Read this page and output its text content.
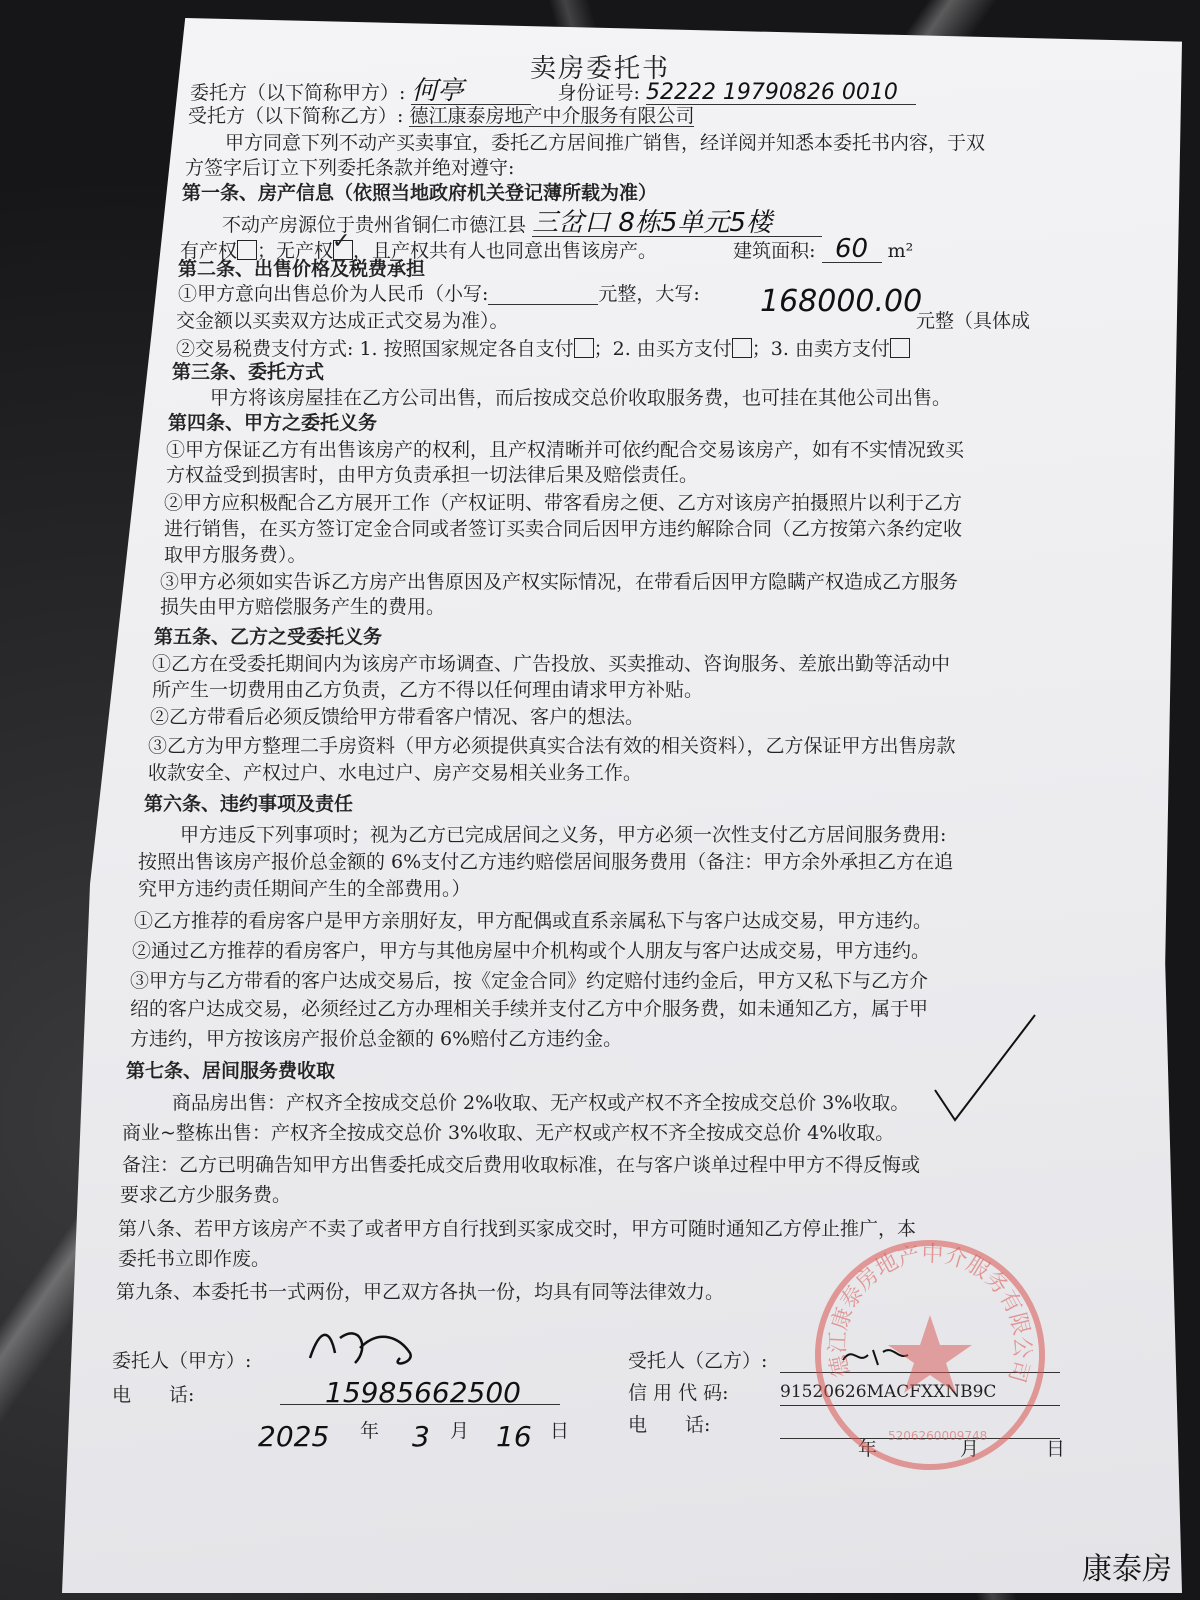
卖房委托书
委托方（以下简称甲方）: 何亭	身份证号: 52222 19790826 0010
受托方（以下简称乙方）: 德江康泰房地产中介服务有限公司
甲方同意下列不动产买卖事宜，委托乙方居间推广销售，经详阅并知悉本委托书内容，于双
方签字后订立下列委托条款并绝对遵守:
第一条、房产信息（依照当地政府机关登记薄所载为准）
不动产房源位于贵州省铜仁市德江县 三岔口 8栋5单元5楼
有产权 ；无产权 ✓ ，且产权共有人也同意出售该房产。	建筑面积: 60 m²
第二条、出售价格及税费承担
①甲方意向出售总价为人民币（小写:	元整，大写: 168000.00
交金额以买卖双方达成正式交易为准）。	元整（具体成
②交易税费支付方式: 1. 按照国家规定各自支付 ；2. 由买方支付 ；3. 由卖方支付
第三条、委托方式
甲方将该房屋挂在乙方公司出售，而后按成交总价收取服务费，也可挂在其他公司出售。
第四条、甲方之委托义务
①甲方保证乙方有出售该房产的权利，且产权清晰并可依约配合交易该房产，如有不实情况致买
方权益受到损害时，由甲方负责承担一切法律后果及赔偿责任。
②甲方应积极配合乙方展开工作（产权证明、带客看房之便、乙方对该房产拍摄照片以利于乙方
进行销售，在买方签订定金合同或者签订买卖合同后因甲方违约解除合同（乙方按第六条约定收
取甲方服务费）。
③甲方必须如实告诉乙方房产出售原因及产权实际情况，在带看后因甲方隐瞒产权造成乙方服务
损失由甲方赔偿服务产生的费用。
第五条、乙方之受委托义务
①乙方在受委托期间内为该房产市场调查、广告投放、买卖推动、咨询服务、差旅出勤等活动中
所产生一切费用由乙方负责，乙方不得以任何理由请求甲方补贴。
②乙方带看后必须反馈给甲方带看客户情况、客户的想法。
③乙方为甲方整理二手房资料（甲方必须提供真实合法有效的相关资料），乙方保证甲方出售房款
收款安全、产权过户、水电过户、房产交易相关业务工作。
第六条、违约事项及责任
甲方违反下列事项时；视为乙方已完成居间之义务，甲方必须一次性支付乙方居间服务费用:
按照出售该房产报价总金额的 6%支付乙方违约赔偿居间服务费用（备注：甲方余外承担乙方在追
究甲方违约责任期间产生的全部费用。）
①乙方推荐的看房客户是甲方亲朋好友，甲方配偶或直系亲属私下与客户达成交易，甲方违约。
②通过乙方推荐的看房客户，甲方与其他房屋中介机构或个人朋友与客户达成交易，甲方违约。
③甲方与乙方带看的客户达成交易后，按《定金合同》约定赔付违约金后，甲方又私下与乙方介
绍的客户达成交易，必须经过乙方办理相关手续并支付乙方中介服务费，如未通知乙方，属于甲
方违约，甲方按该房产报价总金额的 6%赔付乙方违约金。
第七条、居间服务费收取
商品房出售：产权齐全按成交总价 2%收取、无产权或产权不齐全按成交总价 3%收取。
商业~整栋出售：产权齐全按成交总价 3%收取、无产权或产权不齐全按成交总价 4%收取。
备注：乙方已明确告知甲方出售委托成交后费用收取标准，在与客户谈单过程中甲方不得反悔或
要求乙方少服务费。
第八条、若甲方该房产不卖了或者甲方自行找到买家成交时，甲方可随时通知乙方停止推广，本
委托书立即作废。
第九条、本委托书一式两份，甲乙双方各执一份，均具有同等法律效力。
委托人（甲方）:
电　　话:	15985662500
2025 年 3 月 16 日
受托人（乙方）:
信 用 代 码:	91520626MACFXXNB9C
电　　话:
年	月	日
德江康泰房地产中介服务有限公司
5206260009748
康泰房
